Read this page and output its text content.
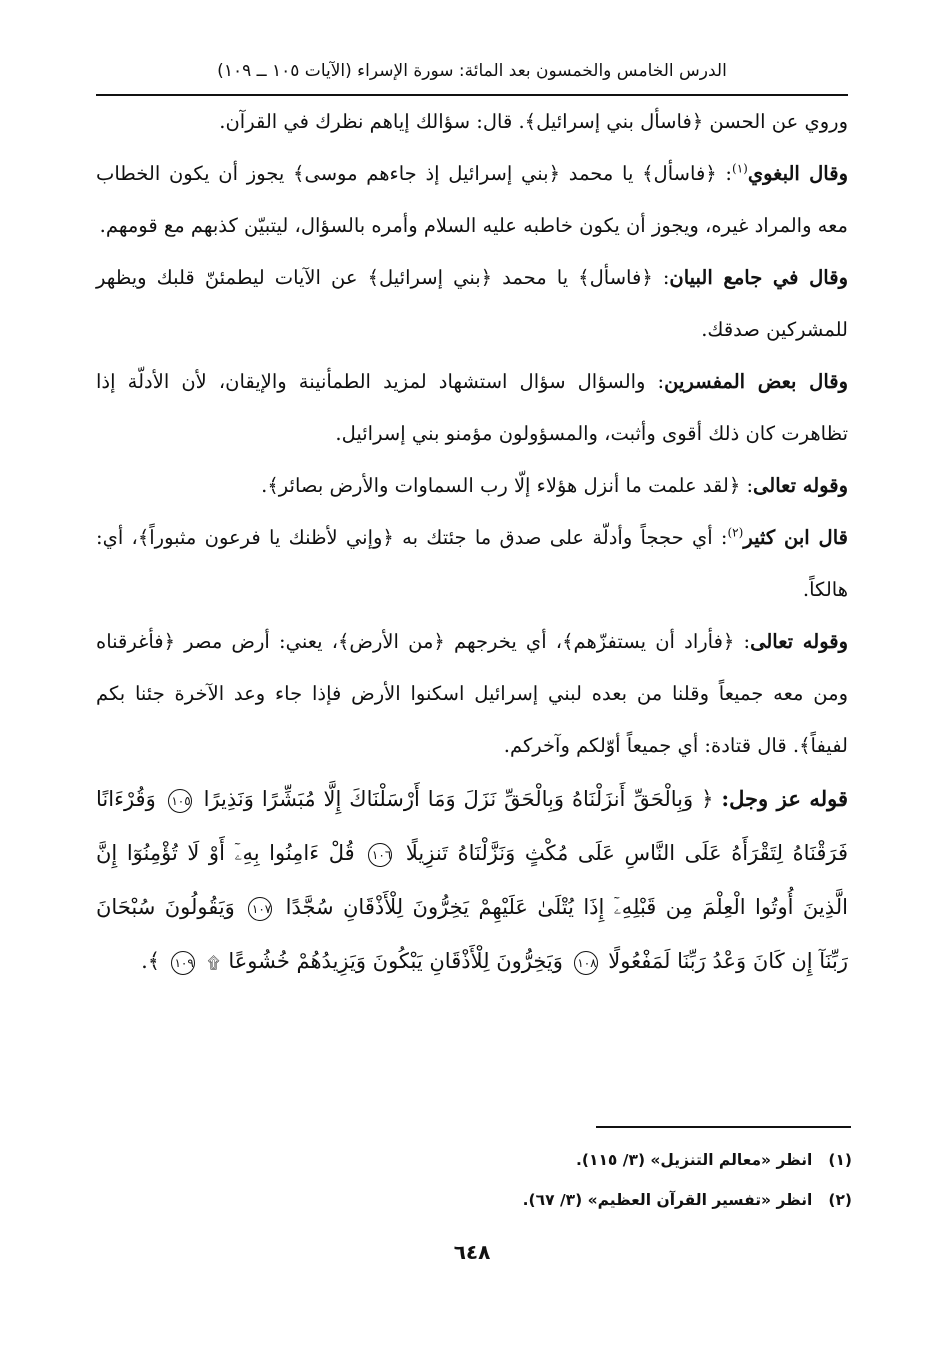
الدرس الخامس والخمسون بعد المائة: سورة الإسراء (الآيات ١٠٥ ــ ١٠٩)

وروي عن الحسن ﴿فاسأل بني إسرائيل﴾. قال: سؤالك إياهم نظرك في القرآن.

وقال البغوي$^{(١)}$: ﴿فاسأل﴾ يا محمد ﴿بني إسرائيل إذ جاءهم موسى﴾ يجوز أن يكون الخطاب معه والمراد غيره، ويجوز أن يكون خاطبه عليه السلام وأمره بالسؤال، ليتبيّن كذبهم مع قومهم.

وقال في جامع البيان: ﴿فاسأل﴾ يا محمد ﴿بني إسرائيل﴾ عن الآيات ليطمئنّ قلبك ويظهر للمشركين صدقك.

وقال بعض المفسرين: والسؤال سؤال استشهاد لمزيد الطمأنينة والإيقان، لأن الأدلّة إذا تظاهرت كان ذلك أقوى وأثبت، والمسؤولون مؤمنو بني إسرائيل.

وقوله تعالى: ﴿لقد علمت ما أنزل هؤلاء إلّا رب السماوات والأرض بصائر﴾.

قال ابن كثير$^{(٢)}$: أي حججاً وأدلّة على صدق ما جئتك به ﴿وإني لأظنك يا فرعون مثبوراً﴾، أي: هالكاً.

وقوله تعالى: ﴿فأراد أن يستفزّهم﴾، أي يخرجهم ﴿من الأرض﴾، يعني: أرض مصر ﴿فأغرقناه ومن معه جميعاً وقلنا من بعده لبني إسرائيل اسكنوا الأرض فإذا جاء وعد الآخرة جئنا بكم لفيفاً﴾. قال قتادة: أي جميعاً أوّلكم وآخركم.

قوله عز وجل: ﴿ وَبِالْحَقِّ أَنزَلْنَاهُ وَبِالْحَقِّ نَزَلَ وَمَا أَرْسَلْنَاكَ إِلَّا مُبَشِّرًا وَنَذِيرًا ١٠٥ وَقُرْءَانًا فَرَقْنَاهُ لِتَقْرَأَهُ عَلَى النَّاسِ عَلَى مُكْثٍ وَنَزَّلْنَاهُ تَنزِيلًا ١٠٦ قُلْ ءَامِنُوا بِهِۦٓ أَوْ لَا تُؤْمِنُوٓا إِنَّ الَّذِينَ أُوتُوا الْعِلْمَ مِن قَبْلِهِۦٓ إِذَا يُتْلَىٰ عَلَيْهِمْ يَخِرُّونَ لِلْأَذْقَانِ سُجَّدًا ١٠٧ وَيَقُولُونَ سُبْحَانَ رَبِّنَآ إِن كَانَ وَعْدُ رَبِّنَا لَمَفْعُولًا ١٠٨ وَيَخِرُّونَ لِلْأَذْقَانِ يَبْكُونَ وَيَزِيدُهُمْ خُشُوعًا ۩ ١٠٩ ﴾.

(١)انظر «معالم التنزيل» (٣/ ١١٥).
(٢)انظر «تفسير القرآن العظيم» (٣/ ٦٧).
٦٤٨
